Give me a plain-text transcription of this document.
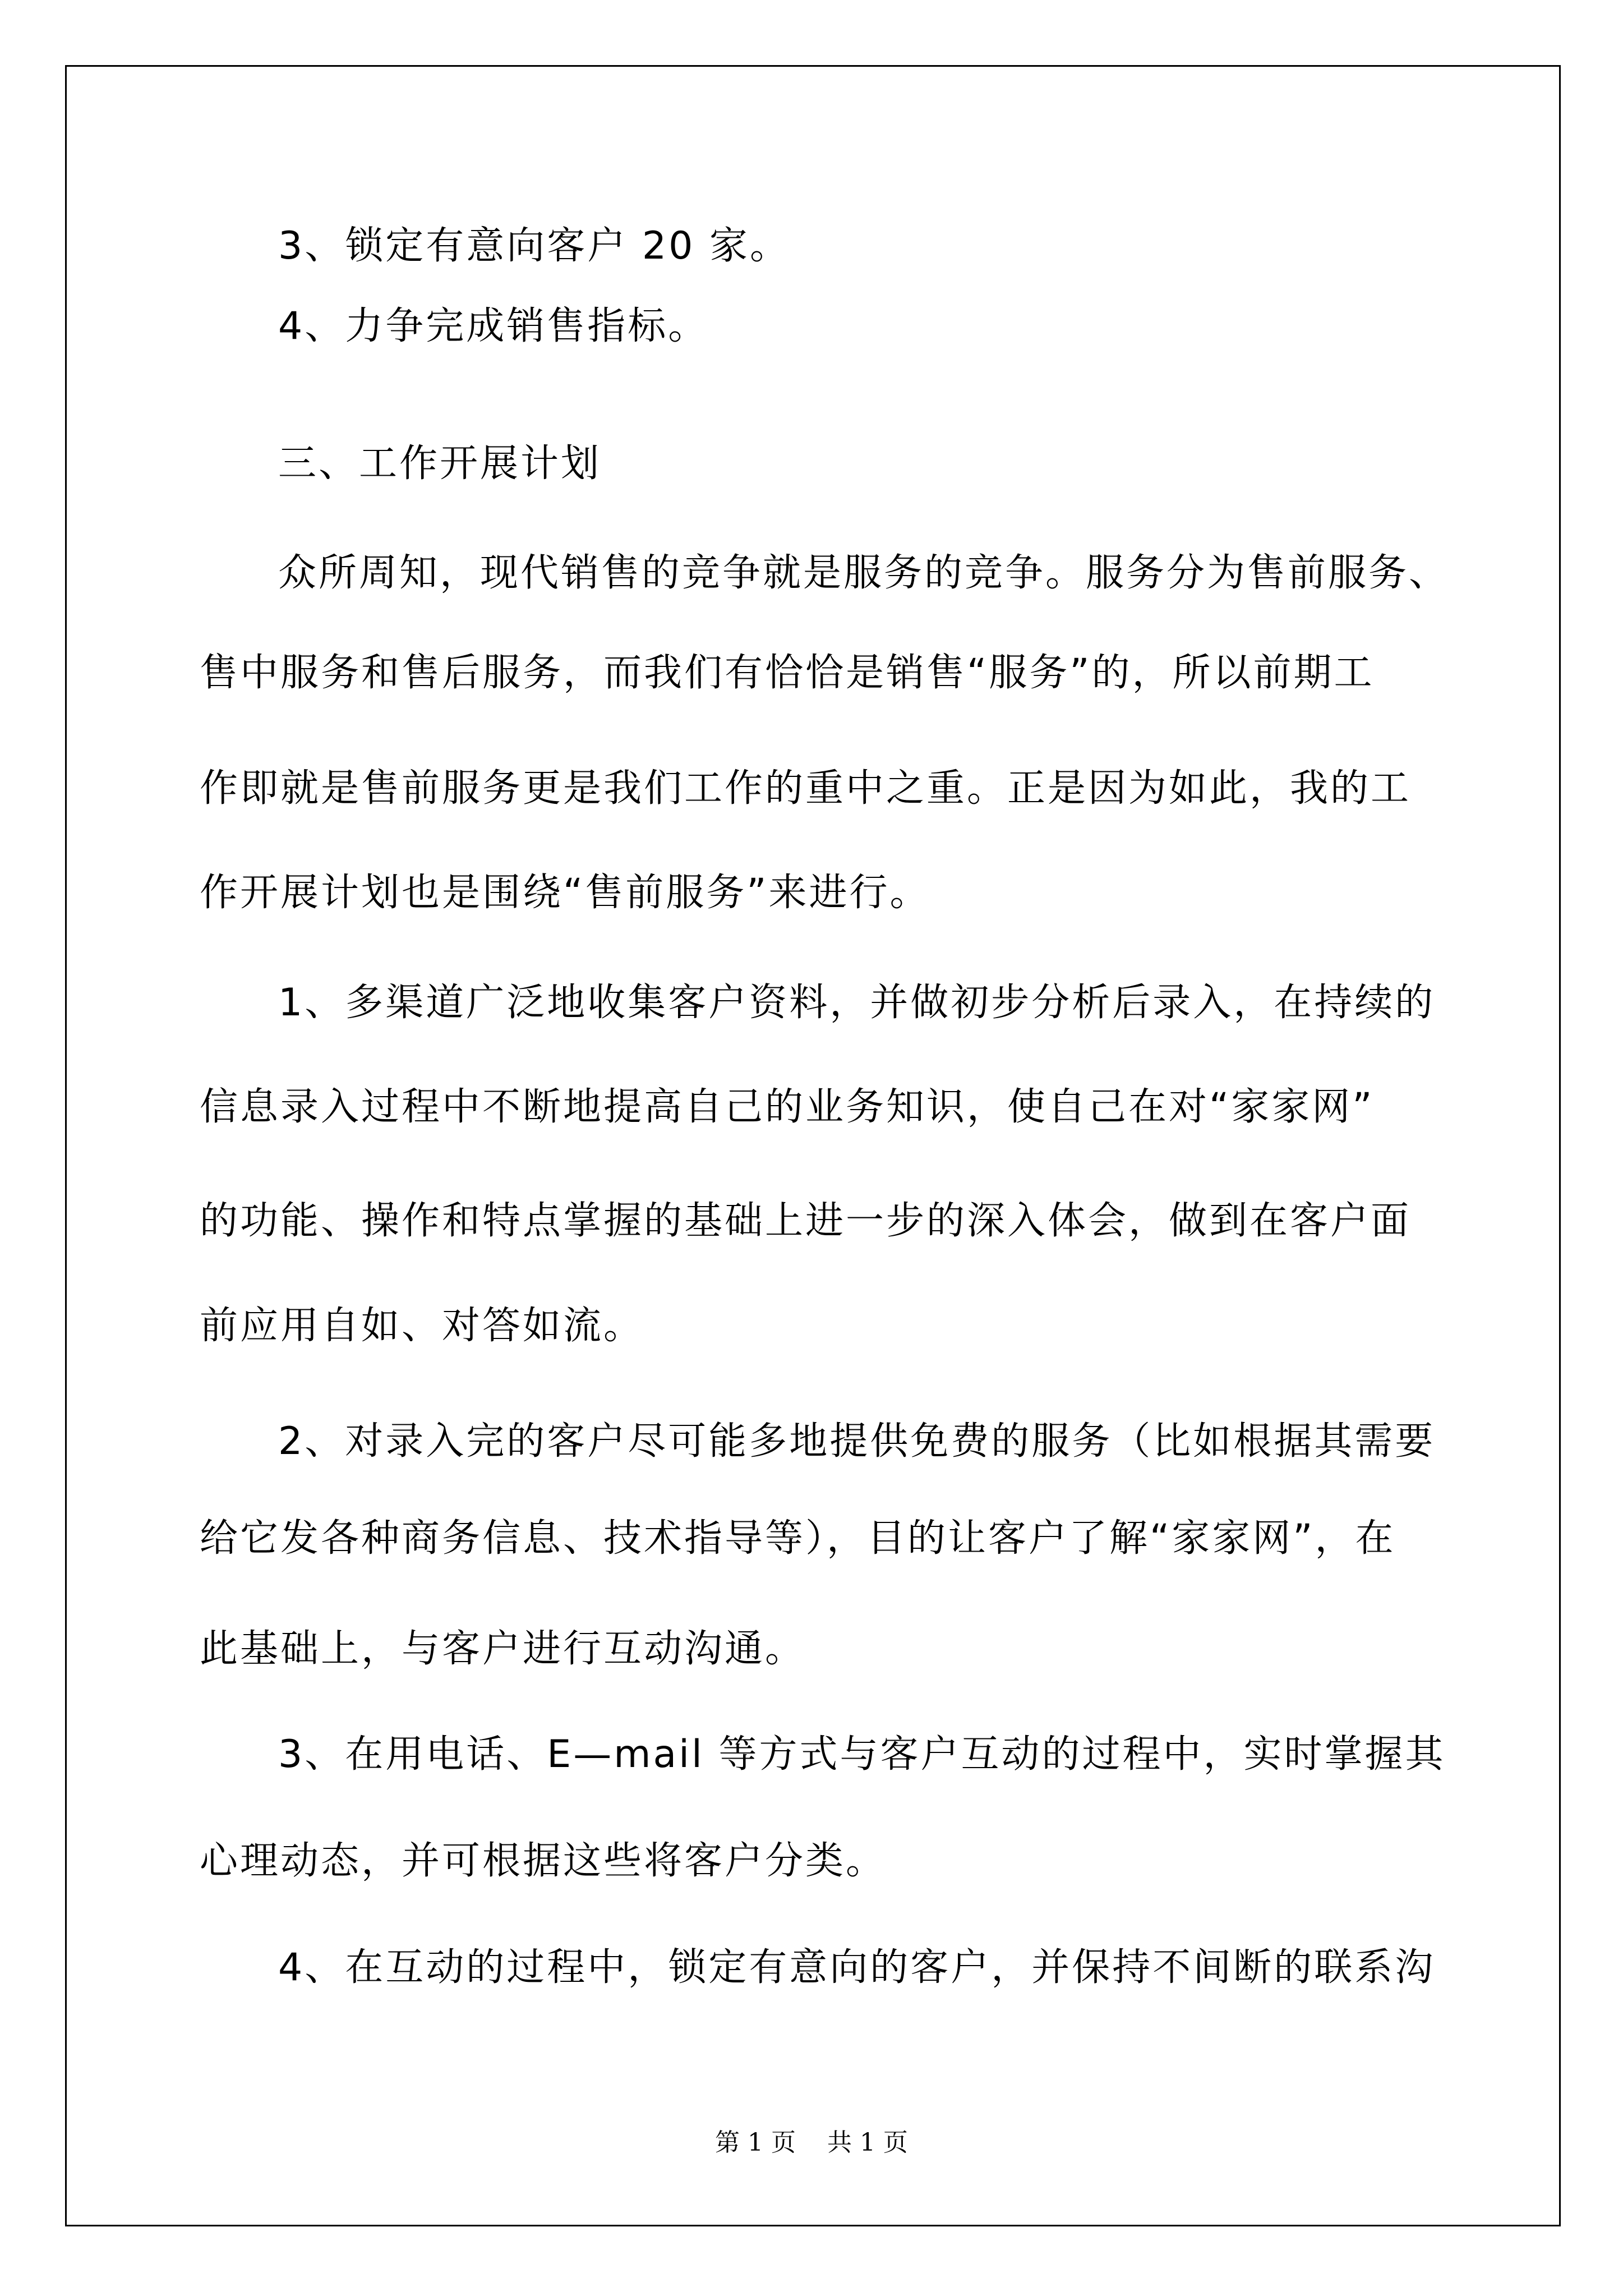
3、锁定有意向客户 20 家。
4、力争完成销售指标。
三、工作开展计划
众所周知，现代销售的竞争就是服务的竞争。服务分为售前服务、
售中服务和售后服务，而我们有恰恰是销售“服务”的，所以前期工
作即就是售前服务更是我们工作的重中之重。正是因为如此，我的工
作开展计划也是围绕“售前服务”来进行。
1、多渠道广泛地收集客户资料，并做初步分析后录入，在持续的
信息录入过程中不断地提高自己的业务知识，使自己在对“家家网”
的功能、操作和特点掌握的基础上进一步的深入体会，做到在客户面
前应用自如、对答如流。
2、对录入完的客户尽可能多地提供免费的服务（比如根据其需要
给它发各种商务信息、技术指导等），目的让客户了解“家家网”，在
此基础上，与客户进行互动沟通。
3、在用电话、E—mail 等方式与客户互动的过程中，实时掌握其
心理动态，并可根据这些将客户分类。
4、在互动的过程中，锁定有意向的客户，并保持不间断的联系沟
第 1 页    共 1 页
